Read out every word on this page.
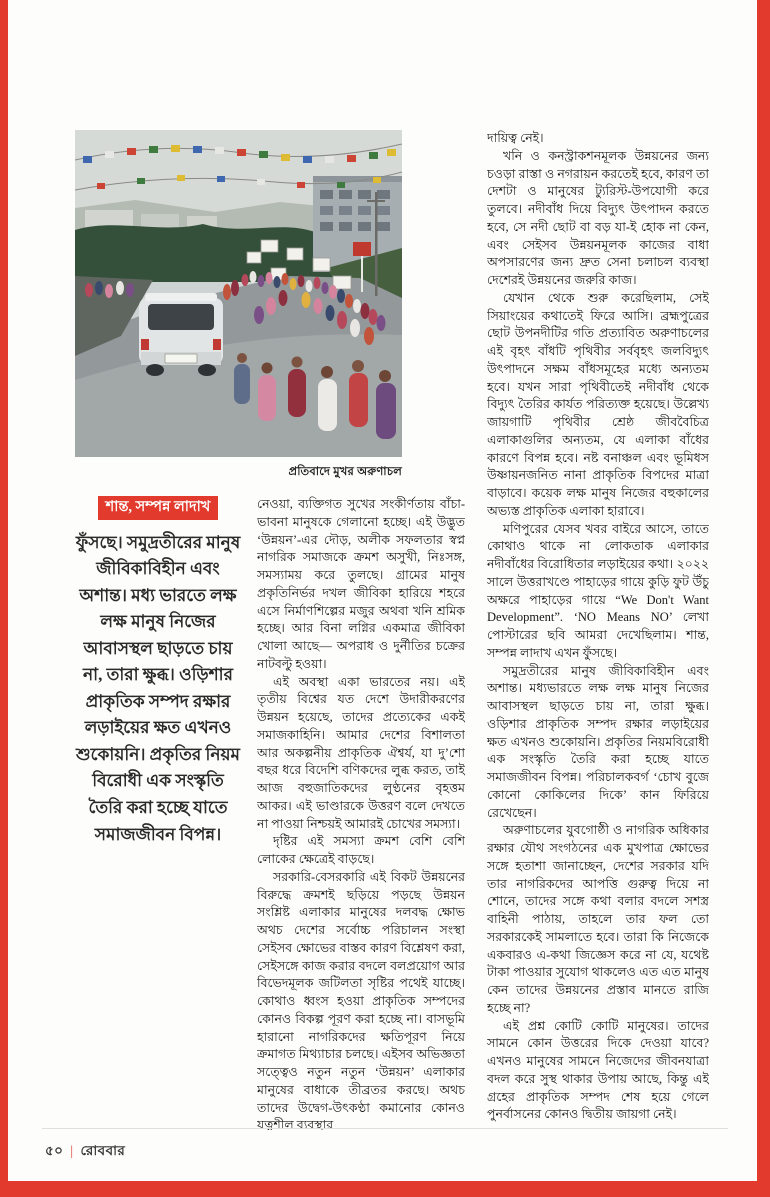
প্রতিবাদে মুখর অরুণাচল
শান্ত, সম্পন্ন লাদাখ
ফুঁসছে। সমুদ্রতীরের মানুষ জীবিকাবিহীন এবং অশান্ত। মধ্য ভারতে লক্ষ লক্ষ মানুষ নিজের আবাসস্থল ছাড়তে চায় না, তারা ক্ষুব্ধ। ওড়িশার প্রাকৃতিক সম্পদ রক্ষার লড়াইয়ের ক্ষত এখনও শুকোয়নি। প্রকৃতির নিয়ম বিরোধী এক সংস্কৃতি তৈরি করা হচ্ছে যাতে সমাজজীবন বিপন্ন।

নেওয়া, ব্যক্তিগত সুখের সংকীর্ণতায় বাঁচা-ভাবনা মানুষকে গেলানো হচ্ছে। এই উদ্ভুত ‘উন্নয়ন’-এর দৌড়, অলীক সফলতার স্বপ্ন নাগরিক সমাজকে ক্রমশ অসুখী, নিঃসঙ্গ, সমস্যাময় করে তুলছে। গ্রামের মানুষ প্রকৃতিনির্ভর দখল জীবিকা হারিয়ে শহরে এসে নির্মাণশিল্পের মজুর অথবা খনি শ্রমিক হচ্ছে। আর বিনা লগ্নির একমাত্র জীবিকা খোলা আছে— অপরাধ ও দুর্নীতির চক্রের নাটবল্টু হওয়া।

এই অবস্থা একা ভারতের নয়। এই তৃতীয় বিশ্বের যত দেশে উদারীকরণের উন্নয়ন হয়েছে, তাদের প্রত্যেকের একই সমাজকাহিনি। আমার দেশের বিশালতা আর অকল্পনীয় প্রাকৃতিক ঐশ্বর্য, যা দু’শো বছর ধরে বিদেশি বণিকদের লুব্ধ করত, তাই আজ বহুজাতিকদের লুণ্ঠনের বৃহত্তম আকর। এই ভাণ্ডারকে উত্তরণ বলে দেখতে না পাওয়া নিশ্চয়ই আমারই চোখের সমস্যা।

দৃষ্টির এই সমস্যা ক্রমশ বেশি বেশি লোকের ক্ষেত্রেই বাড়ছে।

সরকারি-বেসরকারি এই বিকট উন্নয়নের বিরুদ্ধে ক্রমশই ছড়িয়ে পড়ছে উন্নয়ন সংশ্লিষ্ট এলাকার মানুষের দলবদ্ধ ক্ষোভ অথচ দেশের সর্বোচ্চ পরিচালন সংস্থা সেইসব ক্ষোভের বাস্তব কারণ বিশ্লেষণ করা, সেইসঙ্গে কাজ করার বদলে বলপ্রয়োগ আর বিভেদমূলক জটিলতা সৃষ্টির পথেই যাচ্ছে। কোথাও ধ্বংস হওয়া প্রাকৃতিক সম্পদের কোনও বিকল্প পূরণ করা হচ্ছে না। বাসভূমি হারানো নাগরিকদের ক্ষতিপূরণ নিয়ে ক্রমাগত মিথ্যাচার চলছে। এইসব অভিজ্ঞতা সত্ত্বেও নতুন নতুন ‘উন্নয়ন’ এলাকার মানুষের বাধাকে তীব্রতর করছে। অথচ তাদের উদ্বেগ-উৎকণ্ঠা কমানোর কোনও যত্নশীল ব্যবস্থার

দায়িত্ব নেই।

খনি ও কনস্ট্রাকশনমূলক উন্নয়নের জন্য চওড়া রাস্তা ও নগরায়ন করতেই হবে, কারণ তা দেশটা ও মানুষের ট্যুরিস্ট-উপযোগী করে তুলবে। নদীবাঁধ দিয়ে বিদ্যুৎ উৎপাদন করতে হবে, সে নদী ছোট বা বড় যা-ই হোক না কেন, এবং সেইসব উন্নয়নমূলক কাজের বাধা অপসারণের জন্য দ্রুত সেনা চলাচল ব্যবস্থা দেশেরই উন্নয়নের জরুরি কাজ।

যেখান থেকে শুরু করেছিলাম, সেই সিয়াংয়ের কথাতেই ফিরে আসি। ব্রহ্মপুত্রের ছোট উপনদীটির গতি প্রত্যাবিত অরুণাচলের এই বৃহৎ বাঁধটি পৃথিবীর সর্ববৃহৎ জলবিদ্যুৎ উৎপাদনে সক্ষম বাঁধসমূহের মধ্যে অন্যতম হবে। যখন সারা পৃথিবীতেই নদীবাঁধ থেকে বিদ্যুৎ তৈরির কার্যত পরিত্যক্ত হয়েছে। উল্লেখ্য জায়গাটি পৃথিবীর শ্রেষ্ঠ জীববৈচিত্র এলাকাগুলির অন্যতম, যে এলাকা বাঁধের কারণে বিপন্ন হবে। নষ্ট বনাঞ্চল এবং ভূমিধস উষ্ণায়নজনিত নানা প্রাকৃতিক বিপদের মাত্রা বাড়াবে। কয়েক লক্ষ মানুষ নিজের বহুকালের অভ্যস্ত প্রাকৃতিক এলাকা হারাবে।

মণিপুরের যেসব খবর বাইরে আসে, তাতে কোথাও থাকে না লোকতাক এলাকার নদীবাঁধের বিরোধিতার লড়াইয়ের কথা। ২০২২ সালে উত্তরাখণ্ডে পাহাড়ের গায়ে কুড়ি ফুট উঁচু অক্ষরে পাহাড়ের গায়ে “We Don't Want Development”. ‘NO Means NO’ লেখা পোস্টারের ছবি আমরা দেখেছিলাম। শান্ত, সম্পন্ন লাদাখ এখন ফুঁসছে।

সমুদ্রতীরের মানুষ জীবিকাবিহীন এবং অশান্ত। মধ্যভারতে লক্ষ লক্ষ মানুষ নিজের আবাসস্থল ছাড়তে চায় না, তারা ক্ষুব্ধ। ওড়িশার প্রাকৃতিক সম্পদ রক্ষার লড়াইয়ের ক্ষত এখনও শুকোয়নি। প্রকৃতির নিয়মবিরোধী এক সংস্কৃতি তৈরি করা হচ্ছে যাতে সমাজজীবন বিপন্ন। পরিচালকবর্গ ‘চোখ বুজে কোনো কোকিলের দিকে’ কান ফিরিয়ে রেখেছেন।

অরুণাচলের যুবগোষ্ঠী ও নাগরিক অধিকার রক্ষার যৌথ সংগঠনের এক মুখপাত্র ক্ষোভের সঙ্গে হতাশা জানাচ্ছেন, দেশের সরকার যদি তার নাগরিকদের আপত্তি গুরুত্ব দিয়ে না শোনে, তাদের সঙ্গে কথা বলার বদলে সশস্ত্র বাহিনী পাঠায়, তাহলে তার ফল তো সরকারকেই সামলাতে হবে। তারা কি নিজেকে একবারও এ-কথা জিজ্ঞেস করে না যে, যথেষ্ট টাকা পাওয়ার সুযোগ থাকলেও এত এত মানুষ কেন তাদের উন্নয়নের প্রস্তাব মানতে রাজি হচ্ছে না?

এই প্রশ্ন কোটি কোটি মানুষের। তাদের সামনে কোন উত্তরের দিকে দেওয়া যাবে? এখনও মানুষের সামনে নিজেদের জীবনযাত্রা বদল করে সুস্থ থাকার উপায় আছে, কিন্তু এই গ্রহের প্রাকৃতিক সম্পদ শেষ হয়ে গেলে পুনর্বাসনের কোনও দ্বিতীয় জায়গা নেই।

৫০ | রোববার
